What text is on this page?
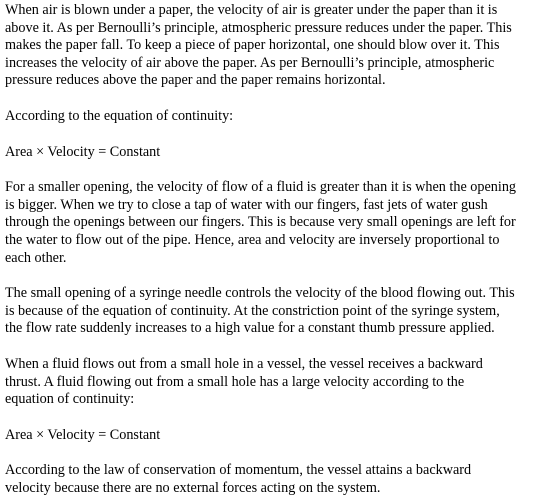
When air is blown under a paper, the velocity of air is greater under the paper than it is
above it. As per Bernoulli’s principle, atmospheric pressure reduces under the paper. This
makes the paper fall. To keep a piece of paper horizontal, one should blow over it. This
increases the velocity of air above the paper. As per Bernoulli’s principle, atmospheric
pressure reduces above the paper and the paper remains horizontal.

According to the equation of continuity:

Area × Velocity = Constant

For a smaller opening, the velocity of flow of a fluid is greater than it is when the opening
is bigger. When we try to close a tap of water with our fingers, fast jets of water gush
through the openings between our fingers. This is because very small openings are left for
the water to flow out of the pipe. Hence, area and velocity are inversely proportional to
each other.

The small opening of a syringe needle controls the velocity of the blood flowing out. This
is because of the equation of continuity. At the constriction point of the syringe system,
the flow rate suddenly increases to a high value for a constant thumb pressure applied.

When a fluid flows out from a small hole in a vessel, the vessel receives a backward
thrust. A fluid flowing out from a small hole has a large velocity according to the
equation of continuity:

Area × Velocity = Constant

According to the law of conservation of momentum, the vessel attains a backward
velocity because there are no external forces acting on the system.
